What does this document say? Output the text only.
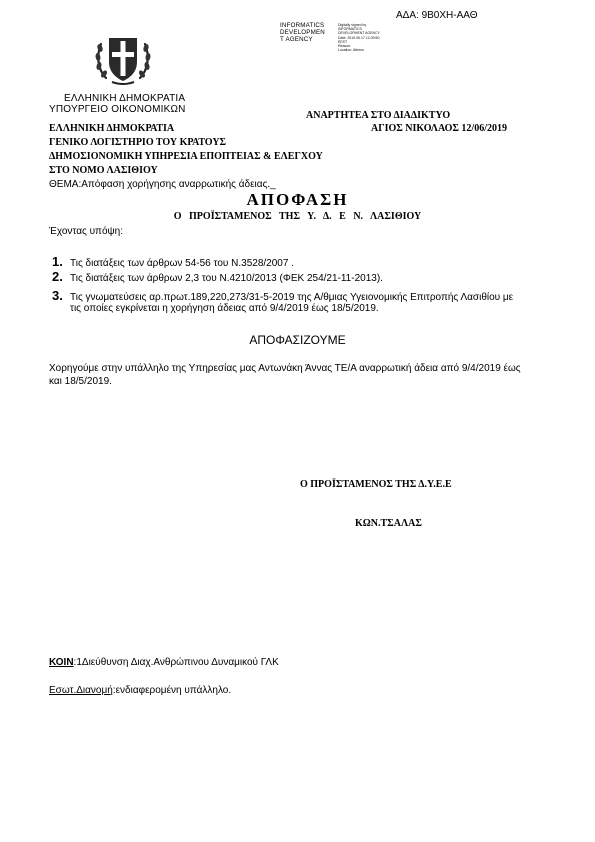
ΑΔΑ: 9Β0ΧΗ-ΑΑΘ
INFORMATICS
DEVELOPMEN
T AGENCY
Digitally signed by
INFORMATICS
DEVELOPMENT AGENCY
Date: 2019.06.17 12:39:50
EEST
Reason:
Location: Athens
ΕΛΛΗΝΙΚΗ ΔΗΜΟΚΡΑΤΙΑ
ΥΠΟΥΡΓΕΙΟ ΟΙΚΟΝΟΜΙΚΩΝ
ΑΝΑΡΤΗΤΕΑ ΣΤΟ ΔΙΑΔΙΚΤΥΟ
ΑΓΙΟΣ ΝΙΚΟΛΑΟΣ 12/06/2019
ΕΛΛΗΝΙΚΗ ΔΗΜΟΚΡΑΤΙΑ
ΓΕΝΙΚΟ ΛΟΓΙΣΤΗΡΙΟ ΤΟΥ ΚΡΑΤΟΥΣ
ΔΗΜΟΣΙΟΝΟΜΙΚΗ ΥΠΗΡΕΣΙΑ ΕΠΟΠΤΕΙΑΣ & ΕΛΕΓΧΟΥ
ΣΤΟ ΝΟΜΟ ΛΑΣΙΘΙΟΥ
ΘΕΜΑ:Απόφαση χορήγησης αναρρωτικής άδειας._
ΑΠΟΦΑΣΗ
Ο ΠΡΟΪΣΤΑΜΕΝΟΣ ΤΗΣ Υ. Δ. Ε Ν. ΛΑΣΙΘΙΟΥ
Έχοντας υπόψη:
1. Τις διατάξεις των άρθρων 54-56 του Ν.3528/2007 .
2. Τις διατάξεις των άρθρων 2,3 του Ν.4210/2013 (ΦΕΚ 254/21-11-2013).
3. Τις γνωματεύσεις αρ.πρωτ.189,220,273/31-5-2019 της Α/θμιας Υγειονομικής Επιτροπής Λασιθίου με
τις οποίες εγκρίνεται η χορήγηση άδειας από 9/4/2019 έως 18/5/2019.
ΑΠΟΦΑΣΙΖΟΥΜΕ
Χορηγούμε στην υπάλληλο της Υπηρεσίας μας Αντωνάκη Άννας ΤΕ/Α αναρρωτική άδεια από 9/4/2019 έως
και 18/5/2019.
Ο ΠΡΟΪΣΤΑΜΕΝΟΣ ΤΗΣ Δ.Υ.Ε.Ε
ΚΩΝ.ΤΣΑΛΑΣ
ΚΟΙΝ:1Διεύθυνση Διαχ.Ανθρώπινου Δυναμικού ΓΛΚ
Εσωτ.Διανομή:ενδιαφερομένη υπάλληλο.
